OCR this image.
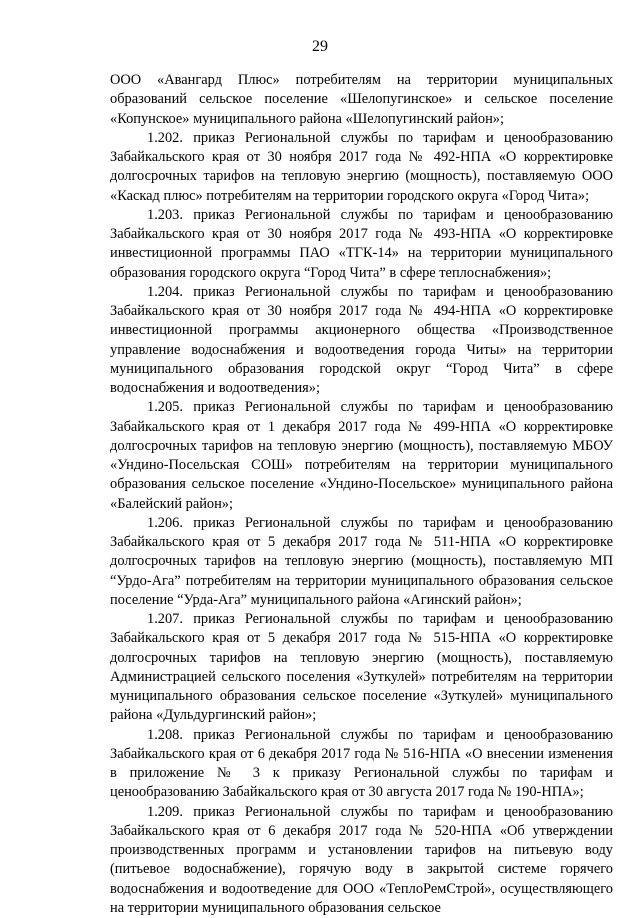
29

ООО «Авангард Плюс» потребителям на территории муниципальных образований сельское поселение «Шелопугинское» и сельское поселение «Копунское» муниципального района «Шелопугинский район»;

1.202. приказ Региональной службы по тарифам и ценообразованию Забайкальского края от 30 ноября 2017 года № 492-НПА «О корректировке долгосрочных тарифов на тепловую энергию (мощность), поставляемую ООО «Каскад плюс» потребителям на территории городского округа «Город Чита»;

1.203. приказ Региональной службы по тарифам и ценообразованию Забайкальского края от 30 ноября 2017 года № 493-НПА «О корректировке инвестиционной программы ПАО «ТГК-14» на территории муниципального образования городского округа “Город Чита” в сфере теплоснабжения»;

1.204. приказ Региональной службы по тарифам и ценообразованию Забайкальского края от 30 ноября 2017 года № 494-НПА «О корректировке инвестиционной программы акционерного общества «Производственное управление водоснабжения и водоотведения города Читы» на территории муниципального образования городской округ “Город Чита” в сфере водоснабжения и водоотведения»;

1.205. приказ Региональной службы по тарифам и ценообразованию Забайкальского края от 1 декабря 2017 года № 499-НПА «О корректировке долгосрочных тарифов на тепловую энергию (мощность), поставляемую МБОУ «Ундино-Посельская СОШ» потребителям на территории муниципального образования сельское поселение «Ундино-Посельское» муниципального района «Балейский район»;

1.206. приказ Региональной службы по тарифам и ценообразованию Забайкальского края от 5 декабря 2017 года № 511-НПА «О корректировке долгосрочных тарифов на тепловую энергию (мощность), поставляемую МП “Урдо-Ага” потребителям на территории муниципального образования сельское поселение “Урда-Ага” муниципального района «Агинский район»;

1.207. приказ Региональной службы по тарифам и ценообразованию Забайкальского края от 5 декабря 2017 года № 515-НПА «О корректировке долгосрочных тарифов на тепловую энергию (мощность), поставляемую Администрацией сельского поселения «Зуткулей» потребителям на территории муниципального образования сельское поселение «Зуткулей» муниципального района «Дульдургинский район»;

1.208. приказ Региональной службы по тарифам и ценообразованию Забайкальского края от 6 декабря 2017 года № 516-НПА «О внесении изменения в приложение № 3 к приказу Региональной службы по тарифам и ценообразованию Забайкальского края от 30 августа 2017 года № 190-НПА»;

1.209. приказ Региональной службы по тарифам и ценообразованию Забайкальского края от 6 декабря 2017 года № 520-НПА «Об утверждении производственных программ и установлении тарифов на питьевую воду (питьевое водоснабжение), горячую воду в закрытой системе горячего водоснабжения и водоотведение для ООО «ТеплоРемСтрой», осуществляющего на территории муниципального образования сельское
